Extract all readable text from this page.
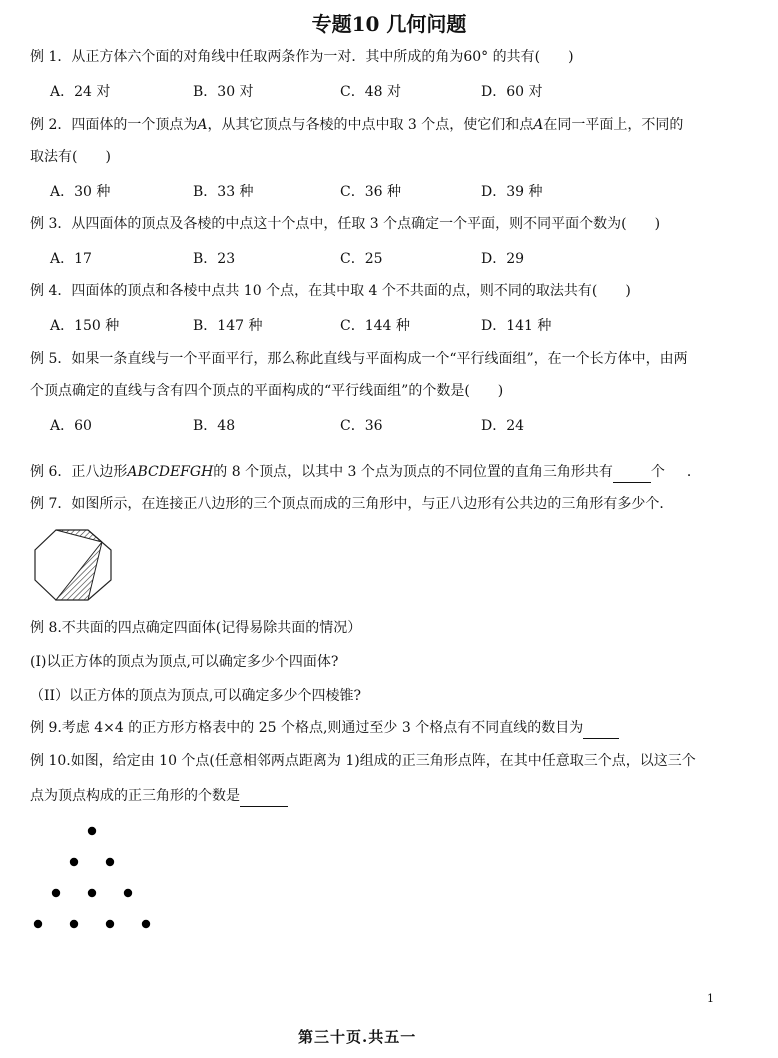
专题10 几何问题
例 1．从正方体六个面的对角线中任取两条作为一对．其中所成的角为60° 的共有(　　)
A．24 对	B．30 对	C．48 对	D．60 对
例 2．四面体的一个顶点为A，从其它顶点与各棱的中点中取 3 个点，使它们和点A在同一平面上，不同的
取法有(　　)
A．30 种	B．33 种	C．36 种	D．39 种
例 3．从四面体的顶点及各棱的中点这十个点中，任取 3 个点确定一个平面，则不同平面个数为(　　)
A．17	B．23	C．25	D．29
例 4．四面体的顶点和各棱中点共 10 个点，在其中取 4 个不共面的点，则不同的取法共有(　　)
A．150 种	B．147 种	C．144 种	D．141 种
例 5．如果一条直线与一个平面平行，那么称此直线与平面构成一个“平行线面组”，在一个长方体中，由两
个顶点确定的直线与含有四个顶点的平面构成的“平行线面组”的个数是(　　)
A．60	B．48	C．36	D．24
例 6．正八边形ABCDEFGH的 8 个顶点，以其中 3 个点为顶点的不同位置的直角三角形共有	个 ．
例 7．如图所示，在连接正八边形的三个顶点而成的三角形中，与正八边形有公共边的三角形有多少个．
例 8.不共面的四点确定四面体(记得易除共面的情况）
(I)以正方体的顶点为顶点,可以确定多少个四面体?
（II）以正方体的顶点为顶点,可以确定多少个四棱锥?
例 9.考虑 4×4 的正方形方格表中的 25 个格点,则通过至少 3 个格点有不同直线的数目为
例 10.如图，给定由 10 个点(任意相邻两点距离为 1)组成的正三角形点阵，在其中任意取三个点，以这三个
点为顶点构成的正三角形的个数是
1
第三十页.共五一
